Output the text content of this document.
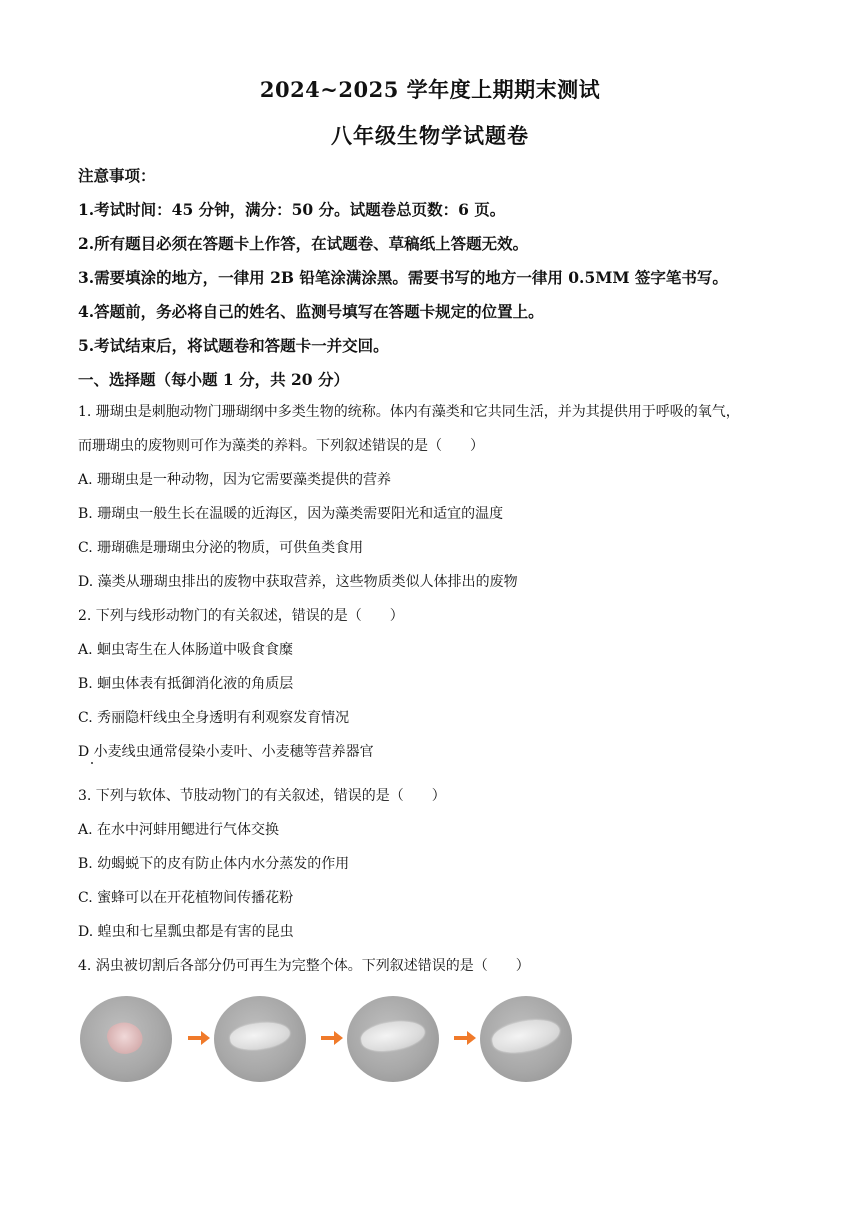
2024~2025 学年度上期期末测试
八年级生物学试题卷
注意事项：
1.考试时间：45 分钟，满分：50 分。试题卷总页数：6 页。
2.所有题目必须在答题卡上作答，在试题卷、草稿纸上答题无效。
3.需要填涂的地方，一律用 2B 铅笔涂满涂黑。需要书写的地方一律用 0.5MM 签字笔书写。
4.答题前，务必将自己的姓名、监测号填写在答题卡规定的位置上。
5.考试结束后，将试题卷和答题卡一并交回。
一、选择题（每小题 1 分，共 20 分）
1. 珊瑚虫是刺胞动物门珊瑚纲中多类生物的统称。体内有藻类和它共同生活，并为其提供用于呼吸的氧气，
而珊瑚虫的废物则可作为藻类的养料。下列叙述错误的是（　　）
A. 珊瑚虫是一种动物，因为它需要藻类提供的营养
B. 珊瑚虫一般生长在温暖的近海区，因为藻类需要阳光和适宜的温度
C. 珊瑚礁是珊瑚虫分泌的物质，可供鱼类食用
D. 藻类从珊瑚虫排出的废物中获取营养，这些物质类似人体排出的废物
2. 下列与线形动物门的有关叙述，错误的是（　　）
A. 蛔虫寄生在人体肠道中吸食食糜
B. 蛔虫体表有抵御消化液的角质层
C. 秀丽隐杆线虫全身透明有利观察发育情况
D 小麦线虫通常侵染小麦叶、小麦穗等营养器官
3. 下列与软体、节肢动物门的有关叙述，错误的是（　　）
A. 在水中河蚌用鳃进行气体交换
B. 幼蝎蜕下的皮有防止体内水分蒸发的作用
C. 蜜蜂可以在开花植物间传播花粉
D. 蝗虫和七星瓢虫都是有害的昆虫
4. 涡虫被切割后各部分仍可再生为完整个体。下列叙述错误的是（　　）
